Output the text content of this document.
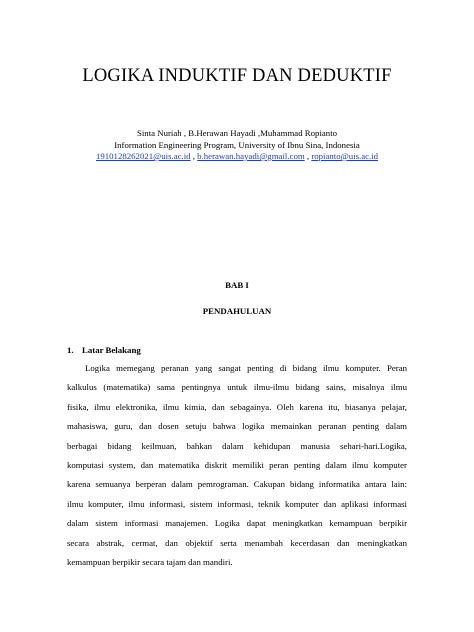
LOGIKA INDUKTIF DAN DEDUKTIF
Sinta Nuriah , B.Herawan Hayadi ,Muhammad Ropianto
Information Engineering Program, University of Ibnu Sina, Indonesia
1910128262021@uis.ac.id , b.herawan.hayadi@gmail.com , ropianto@uis.ac.id
BAB I
PENDAHULUAN
1. Latar Belakang
Logika memegang peranan yang sangat penting di bidang ilmu komputer. Peran
kalkulus (matematika) sama pentingnya untuk ilmu-ilmu bidang sains, misalnya ilmu
fisika, ilmu elektronika, ilmu kimia, dan sebagainya. Oleh karena itu, biasanya pelajar,
mahasiswa, guru, dan dosen setuju bahwa logika memainkan peranan penting dalam
berbagai bidang keilmuan, bahkan dalam kehidupan manusia sehari-hari.Logika,
komputasi system, dan matematika diskrit memiliki peran penting dalam ilmu komputer
karena semuanya berperan dalam pemrograman. Cakupan bidang informatika antara lain:
ilmu komputer, ilmu informasi, sistem informasi, teknik komputer dan aplikasi informasi
dalam sistem informasi manajemen. Logika dapat meningkatkan kemampuan berpikir
secara abstrak, cermat, dan objektif serta menambah kecerdasan dan meningkatkan
kemampuan berpikir secara tajam dan mandiri.
